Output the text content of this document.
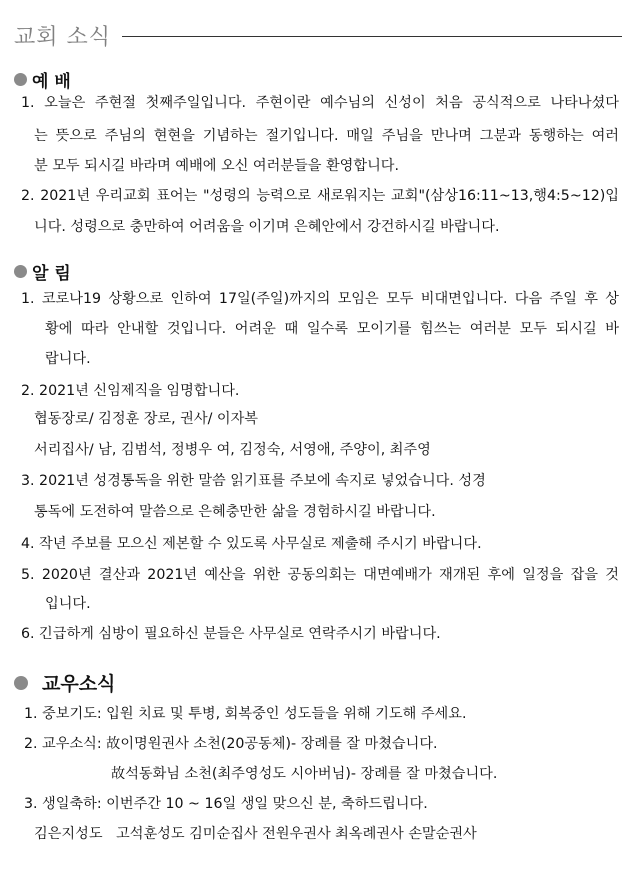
교회 소식
예 배
1. 오늘은 주현절 첫째주일입니다. 주현이란 예수님의 신성이 처음 공식적으로 나타나셨다
는 뜻으로 주님의 현현을 기념하는 절기입니다. 매일 주님을 만나며 그분과 동행하는 여러
분 모두 되시길 바라며 예배에 오신 여러분들을 환영합니다.
2. 2021년 우리교회 표어는 "성령의 능력으로 새로워지는 교회"(삼상16:11~13,행4:5~12)입
니다. 성령으로 충만하여 어려움을 이기며 은혜안에서 강건하시길 바랍니다.
알 림
1. 코로나19 상황으로 인하여 17일(주일)까지의 모임은 모두 비대면입니다. 다음 주일 후 상
황에 따라 안내할 것입니다. 어려운 때 일수록 모이기를 힘쓰는 여러분 모두 되시길 바
랍니다.
2. 2021년 신임제직을 임명합니다.
협동장로/ 김정훈 장로, 권사/ 이자복
서리집사/ 남, 김범석, 정병우 여, 김정숙, 서영애, 주양이, 최주영
3. 2021년 성경통독을 위한 말씀 읽기표를 주보에 속지로 넣었습니다. 성경
통독에 도전하여 말씀으로 은혜충만한 삶을 경험하시길 바랍니다.
4. 작년 주보를 모으신 제본할 수 있도록 사무실로 제출해 주시기 바랍니다.
5. 2020년 결산과 2021년 예산을 위한 공동의회는 대면예배가 재개된 후에 일정을 잡을 것
입니다.
6. 긴급하게 심방이 필요하신 분들은 사무실로 연락주시기 바랍니다.
교우소식
1. 중보기도: 입원 치료 및 투병, 회복중인 성도들을 위해 기도해 주세요.
2. 교우소식: 故이명원권사 소천(20공동체)- 장례를 잘 마쳤습니다.
故석동화님 소천(최주영성도 시아버님)- 장례를 잘 마쳤습니다.
3. 생일축하: 이번주간 10 ~ 16일 생일 맞으신 분, 축하드립니다.
김은지성도   고석훈성도 김미순집사 전원우권사 최옥례권사 손말순권사
